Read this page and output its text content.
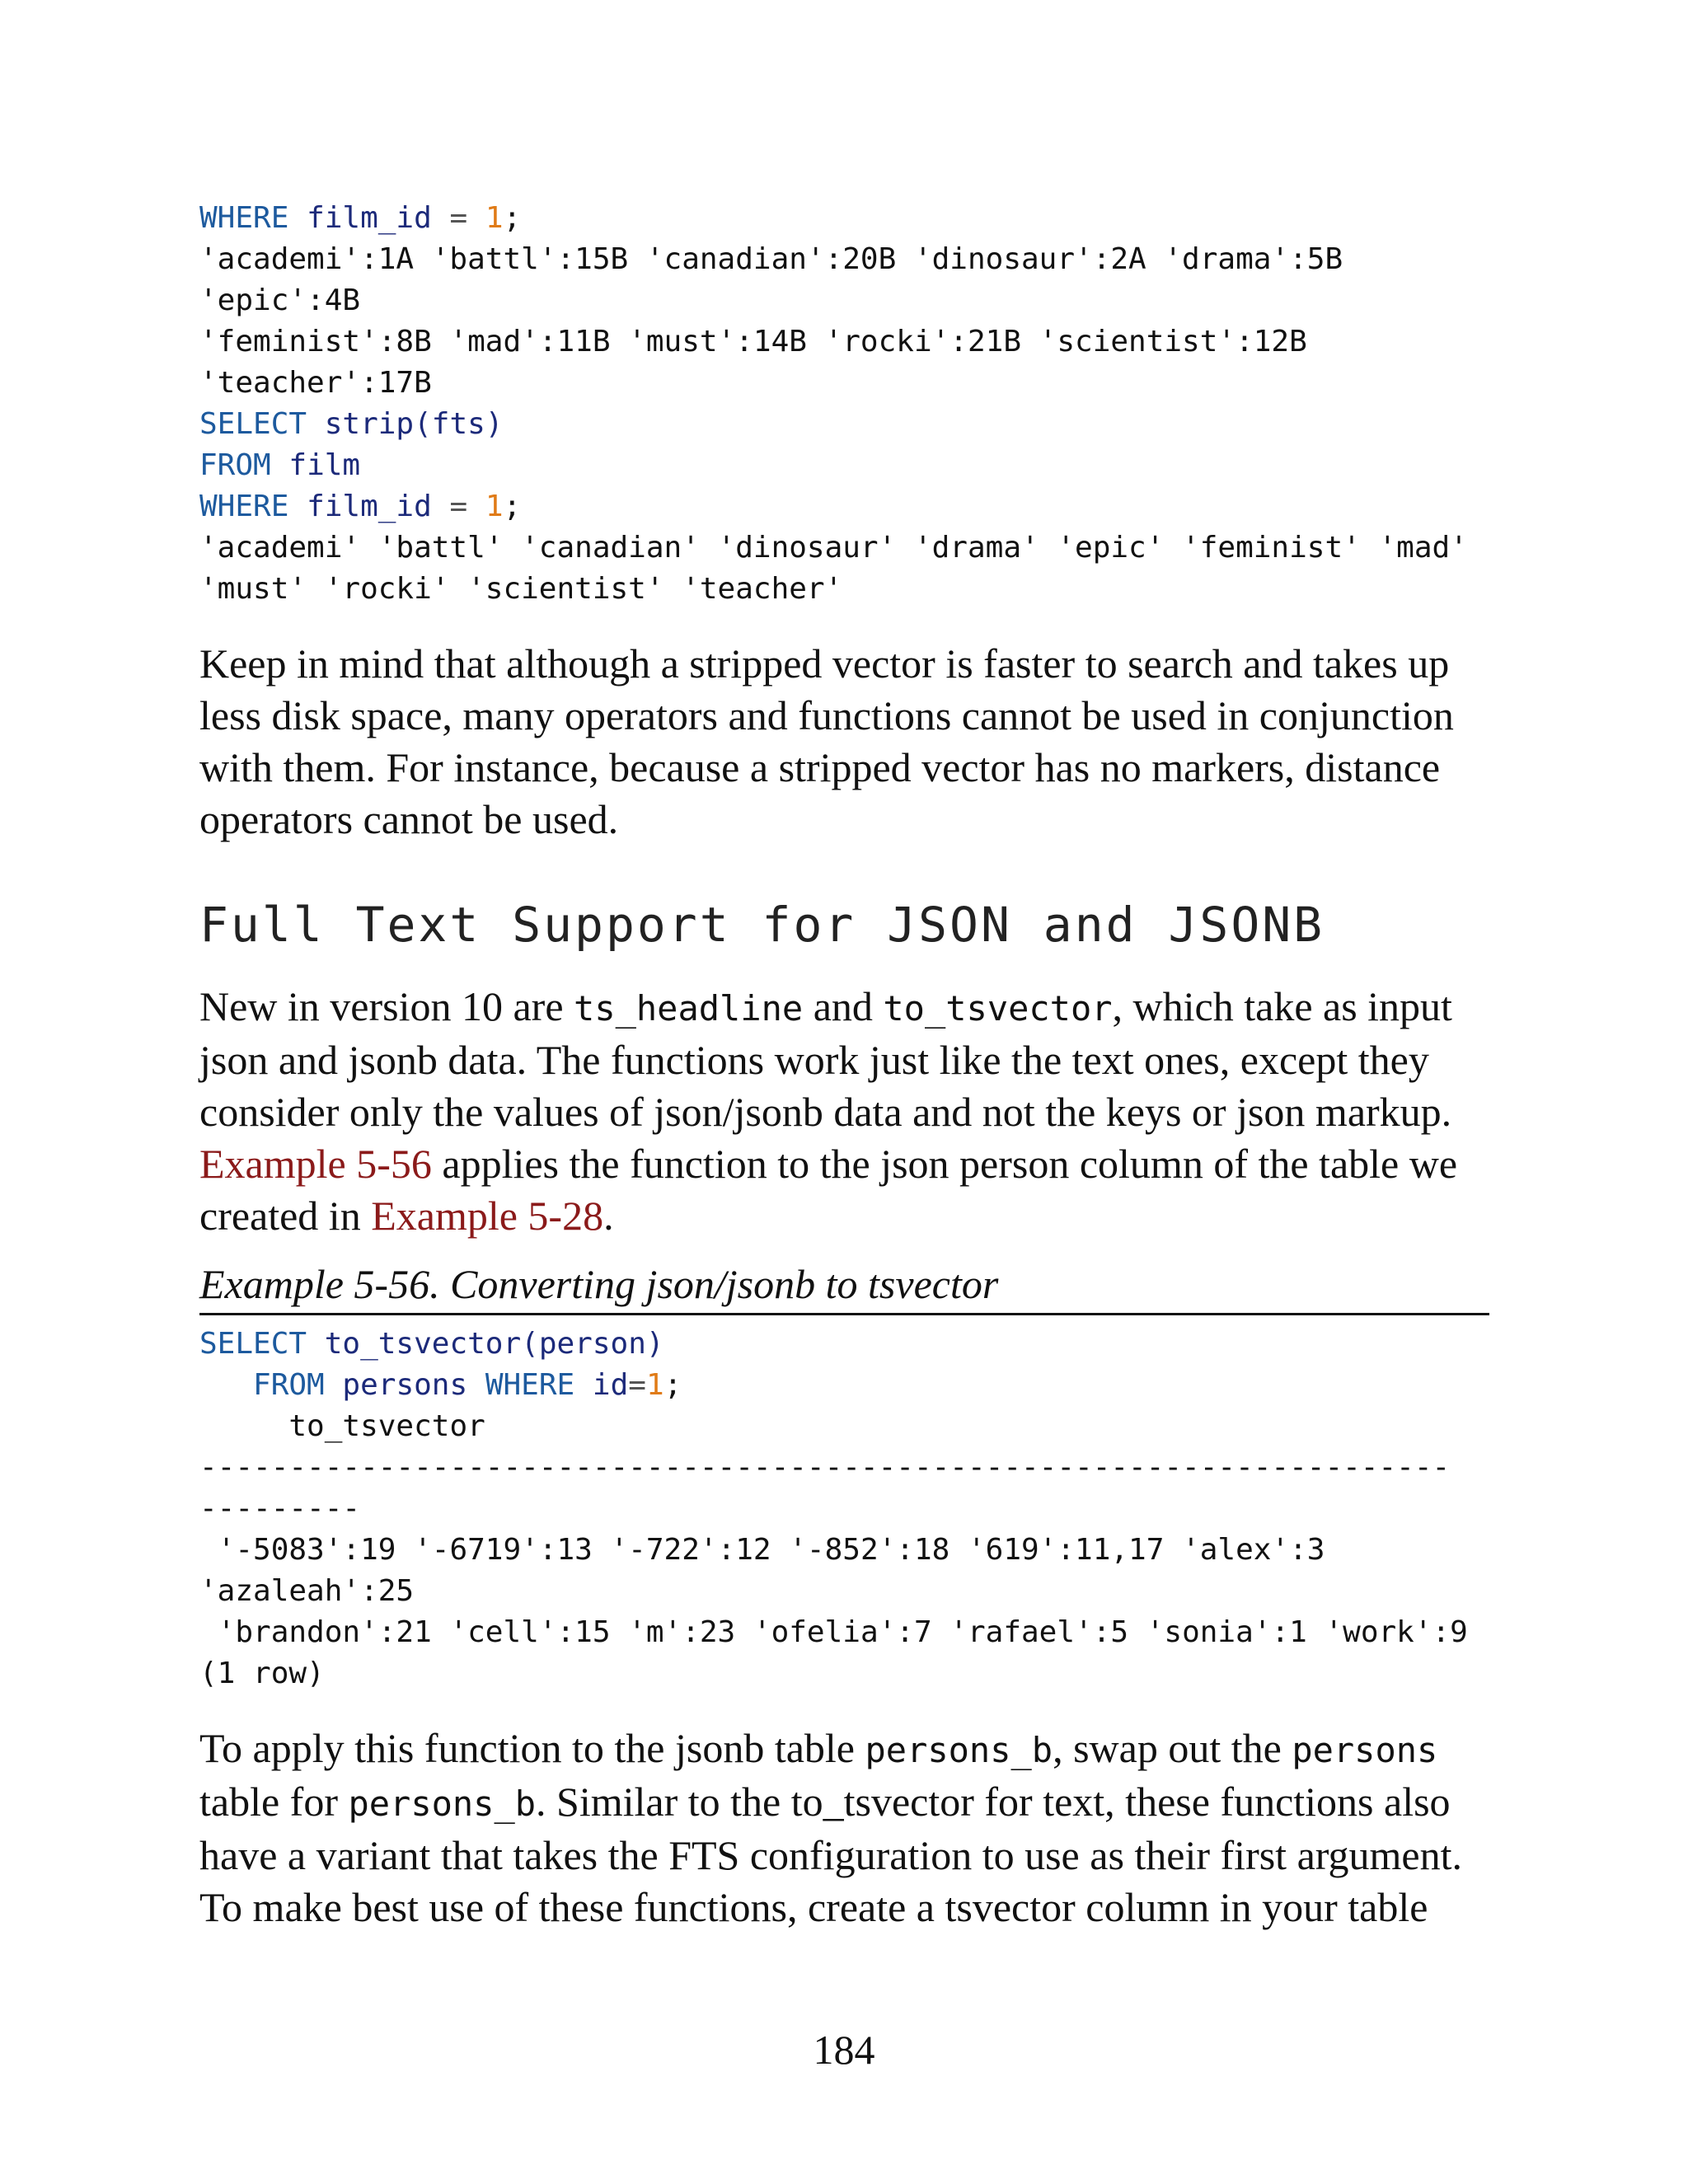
WHERE film_id = 1;
'academi':1A 'battl':15B 'canadian':20B 'dinosaur':2A 'drama':5B
'epic':4B
'feminist':8B 'mad':11B 'must':14B 'rocki':21B 'scientist':12B
'teacher':17B
SELECT strip(fts)
FROM film
WHERE film_id = 1;
'academi' 'battl' 'canadian' 'dinosaur' 'drama' 'epic' 'feminist' 'mad'
'must' 'rocki' 'scientist' 'teacher'

Keep in mind that although a stripped vector is faster to search and takes up
less disk space, many operators and functions cannot be used in conjunction
with them. For instance, because a stripped vector has no markers, distance
operators cannot be used.

Full Text Support for JSON and JSONB

New in version 10 are ts_headline and to_tsvector, which take as input
json and jsonb data. The functions work just like the text ones, except they
consider only the values of json/jsonb data and not the keys or json markup.
Example 5-56 applies the function to the json person column of the table we
created in Example 5-28.

Example 5-56. Converting json/jsonb to tsvector
SELECT to_tsvector(person)
FROM persons WHERE id=1;
to_tsvector
----------------------------------------------------------------------
---------
'-5083':19 '-6719':13 '-722':12 '-852':18 '619':11,17 'alex':3
'azaleah':25
'brandon':21 'cell':15 'm':23 'ofelia':7 'rafael':5 'sonia':1 'work':9
(1 row)

To apply this function to the jsonb table persons_b, swap out the persons
table for persons_b. Similar to the to_tsvector for text, these functions also
have a variant that takes the FTS configuration to use as their first argument.
To make best use of these functions, create a tsvector column in your table

184
